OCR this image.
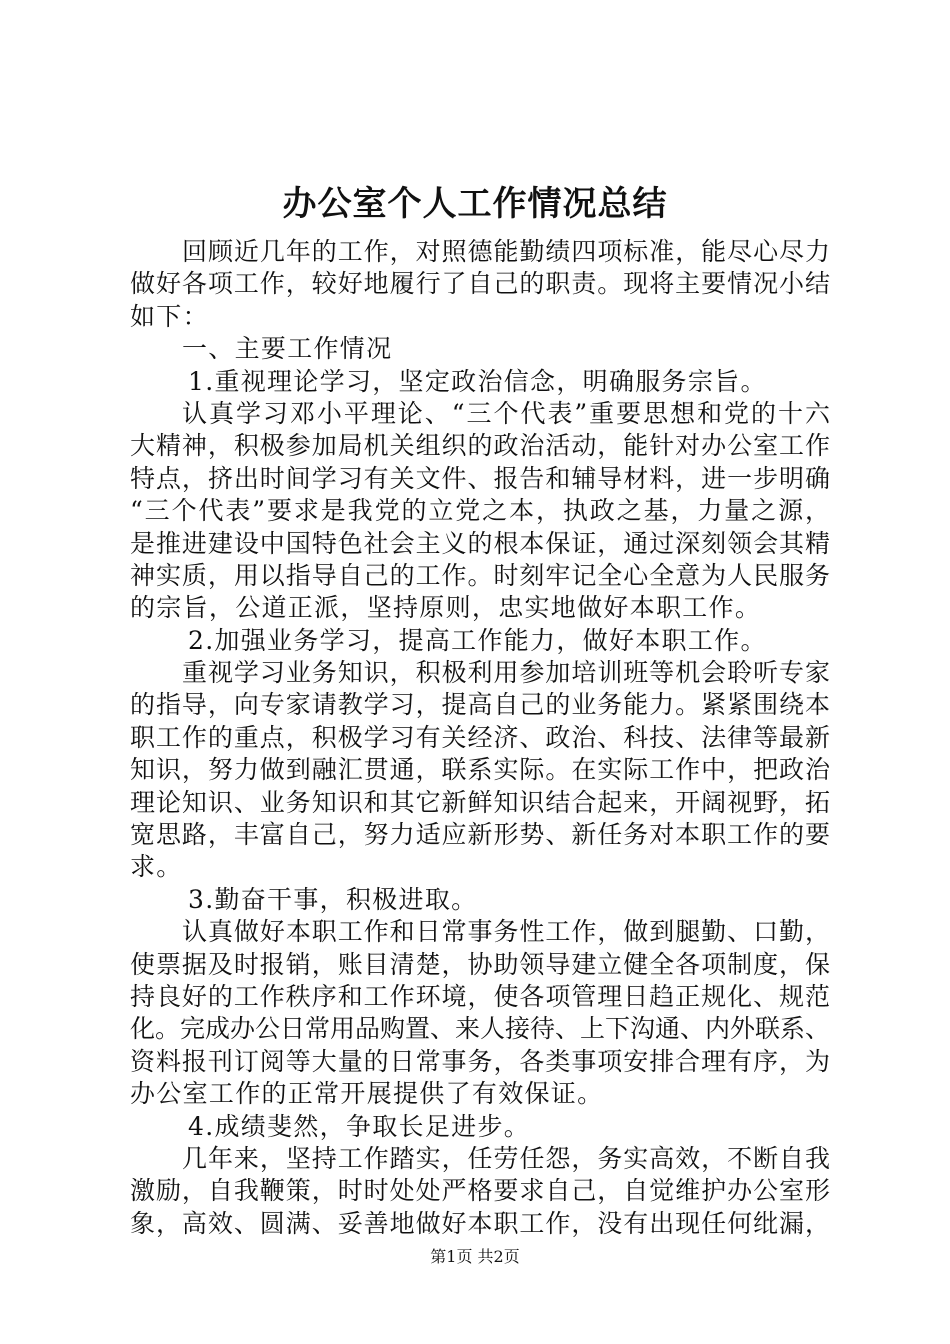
办公室个人工作情况总结
回顾近几年的工作，对照德能勤绩四项标准，能尽心尽力
做好各项工作，较好地履行了自己的职责。现将主要情况小结
如下：
一、主要工作情况
1.重视理论学习，坚定政治信念，明确服务宗旨。
认真学习邓小平理论、“三个代表”重要思想和党的十六
大精神，积极参加局机关组织的政治活动，能针对办公室工作
特点，挤出时间学习有关文件、报告和辅导材料，进一步明确
“三个代表”要求是我党的立党之本，执政之基，力量之源，
是推进建设中国特色社会主义的根本保证，通过深刻领会其精
神实质，用以指导自己的工作。时刻牢记全心全意为人民服务
的宗旨，公道正派，坚持原则，忠实地做好本职工作。
2.加强业务学习，提高工作能力，做好本职工作。
重视学习业务知识，积极利用参加培训班等机会聆听专家
的指导，向专家请教学习，提高自己的业务能力。紧紧围绕本
职工作的重点，积极学习有关经济、政治、科技、法律等最新
知识，努力做到融汇贯通，联系实际。在实际工作中，把政治
理论知识、业务知识和其它新鲜知识结合起来，开阔视野，拓
宽思路，丰富自己，努力适应新形势、新任务对本职工作的要
求。
3.勤奋干事，积极进取。
认真做好本职工作和日常事务性工作，做到腿勤、口勤，
使票据及时报销，账目清楚，协助领导建立健全各项制度，保
持良好的工作秩序和工作环境，使各项管理日趋正规化、规范
化。完成办公日常用品购置、来人接待、上下沟通、内外联系、
资料报刊订阅等大量的日常事务，各类事项安排合理有序，为
办公室工作的正常开展提供了有效保证。
4.成绩斐然，争取长足进步。
几年来，坚持工作踏实，任劳任怨，务实高效，不断自我
激励，自我鞭策，时时处处严格要求自己，自觉维护办公室形
象，高效、圆满、妥善地做好本职工作，没有出现任何纰漏，
第1页 共2页
